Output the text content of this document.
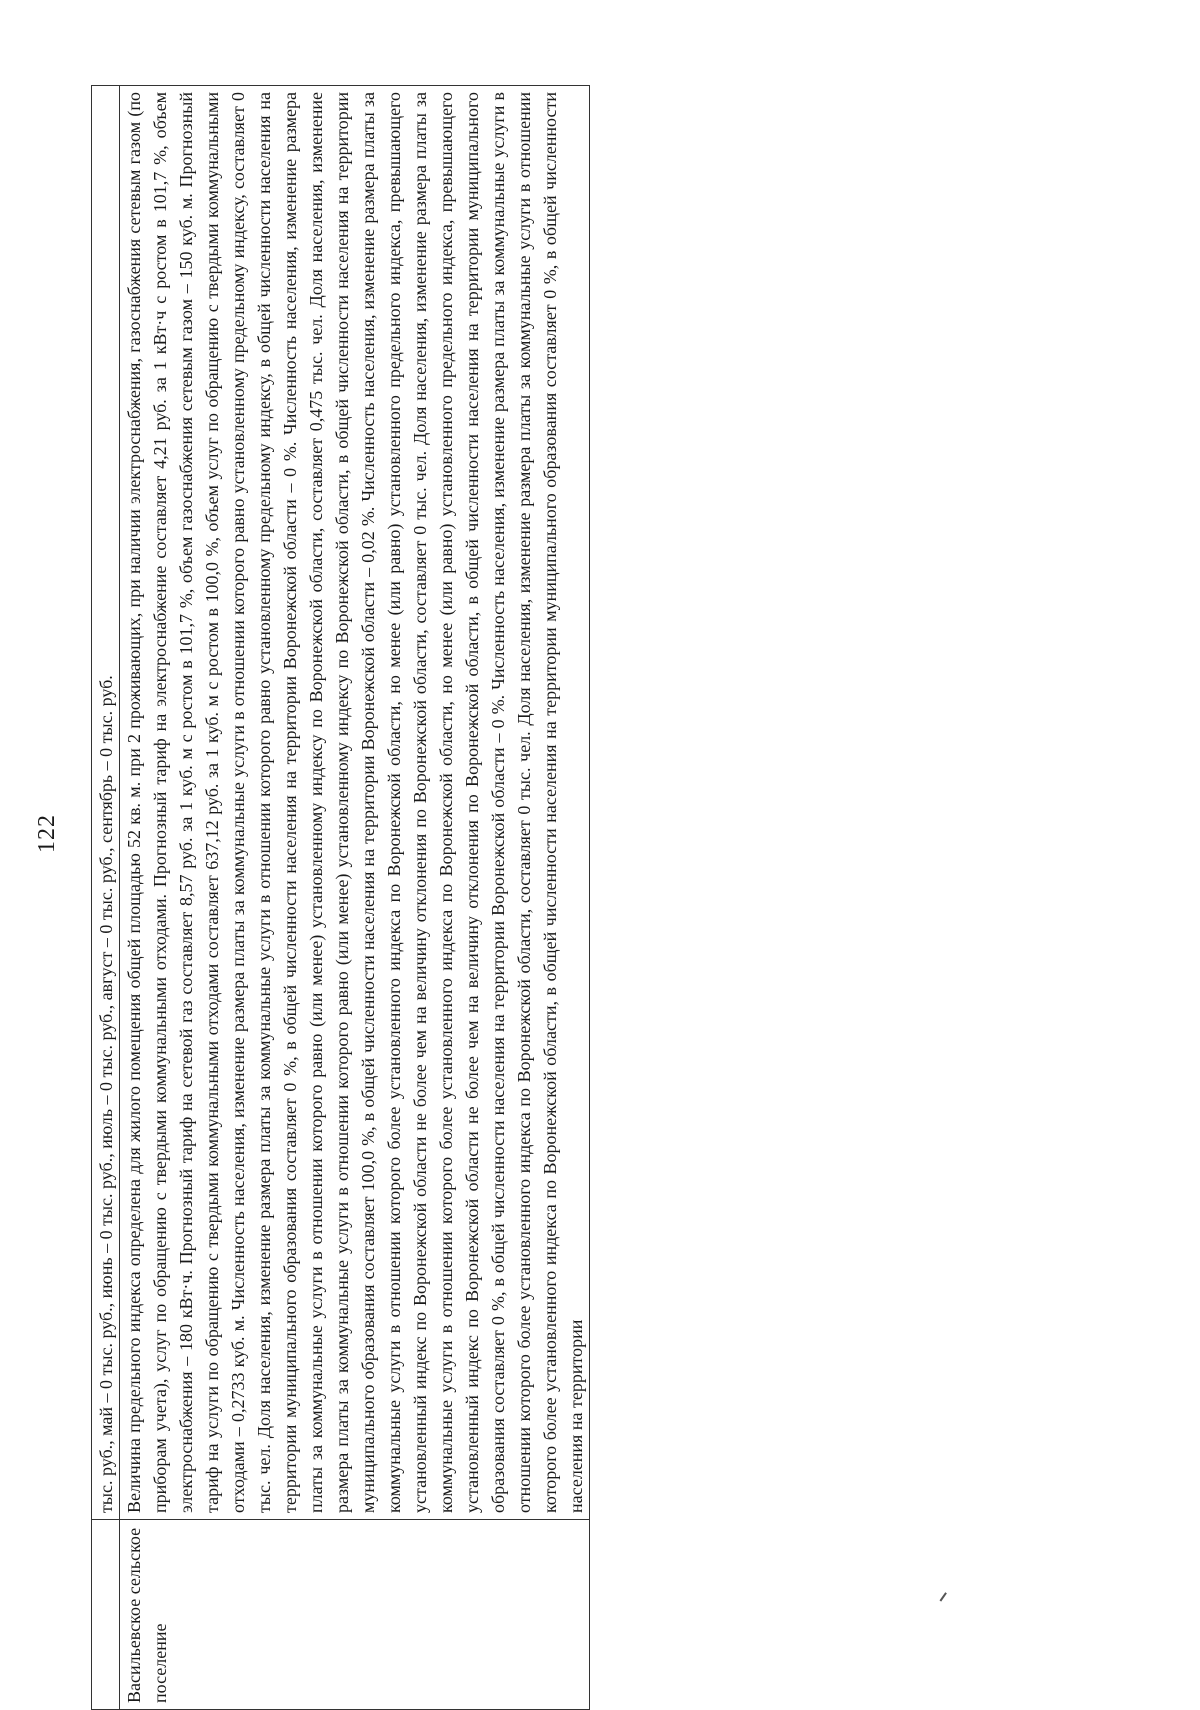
122
	тыс. руб., май – 0 тыс. руб., июнь – 0 тыс. руб., июль – 0 тыс. руб., август – 0 тыс. руб., сентябрь – 0 тыс. руб.
Васильевское сельское поселение	Величина предельного индекса определена для жилого помещения общей площадью 52 кв. м. при 2 проживающих, при наличии электроснабжения, газоснабжения сетевым газом (по приборам учета), услуг по обращению с твердыми коммунальными отходами. Прогнозный тариф на электроснабжение составляет 4,21 руб. за 1 кВт·ч с ростом в 101,7 %, объем электроснабжения – 180 кВт·ч. Прогнозный тариф на сетевой газ составляет 8,57 руб. за 1 куб. м с ростом в 101,7 %, объем газоснабжения сетевым газом – 150 куб. м. Прогнозный тариф на услуги по обращению с твердыми коммунальными отходами составляет 637,12 руб. за 1 куб. м с ростом в 100,0 %, объем услуг по обращению с твердыми коммунальными отходами – 0,2733 куб. м. Численность населения, изменение размера платы за коммунальные услуги в отношении которого равно установленному предельному индексу, составляет 0 тыс. чел. Доля населения, изменение размера платы за коммунальные услуги в отношении которого равно установленному предельному индексу, в общей численности населения на территории муниципального образования составляет 0 %, в общей численности населения на территории Воронежской области – 0 %. Численность населения, изменение размера платы за коммунальные услуги в отношении которого равно (или менее) установленному индексу по Воронежской области, составляет 0,475 тыс. чел. Доля населения, изменение размера платы за коммунальные услуги в отношении которого равно (или менее) установленному индексу по Воронежской области, в общей численности населения на территории муниципального образования составляет 100,0 %, в общей численности населения на территории Воронежской области – 0,02 %. Численность населения, изменение размера платы за коммунальные услуги в отношении которого более установленного индекса по Воронежской области, но менее (или равно) установленного предельного индекса, превышающего установленный индекс по Воронежской области не более чем на величину отклонения по Воронежской области, составляет 0 тыс. чел. Доля населения, изменение размера платы за коммунальные услуги в отношении которого более установленного индекса по Воронежской области, но менее (или равно) установленного предельного индекса, превышающего установленный индекс по Воронежской области не более чем на величину отклонения по Воронежской области, в общей численности населения на территории муниципального образования составляет 0 %, в общей численности населения на территории Воронежской области – 0 %. Численность населения, изменение размера платы за коммунальные услуги в отношении которого более установленного индекса по Воронежской области, составляет 0 тыс. чел. Доля населения, изменение размера платы за коммунальные услуги в отношении которого более установленного индекса по Воронежской области, в общей численности населения на территории муниципального образования составляет 0 %, в общей численности населения на территории
